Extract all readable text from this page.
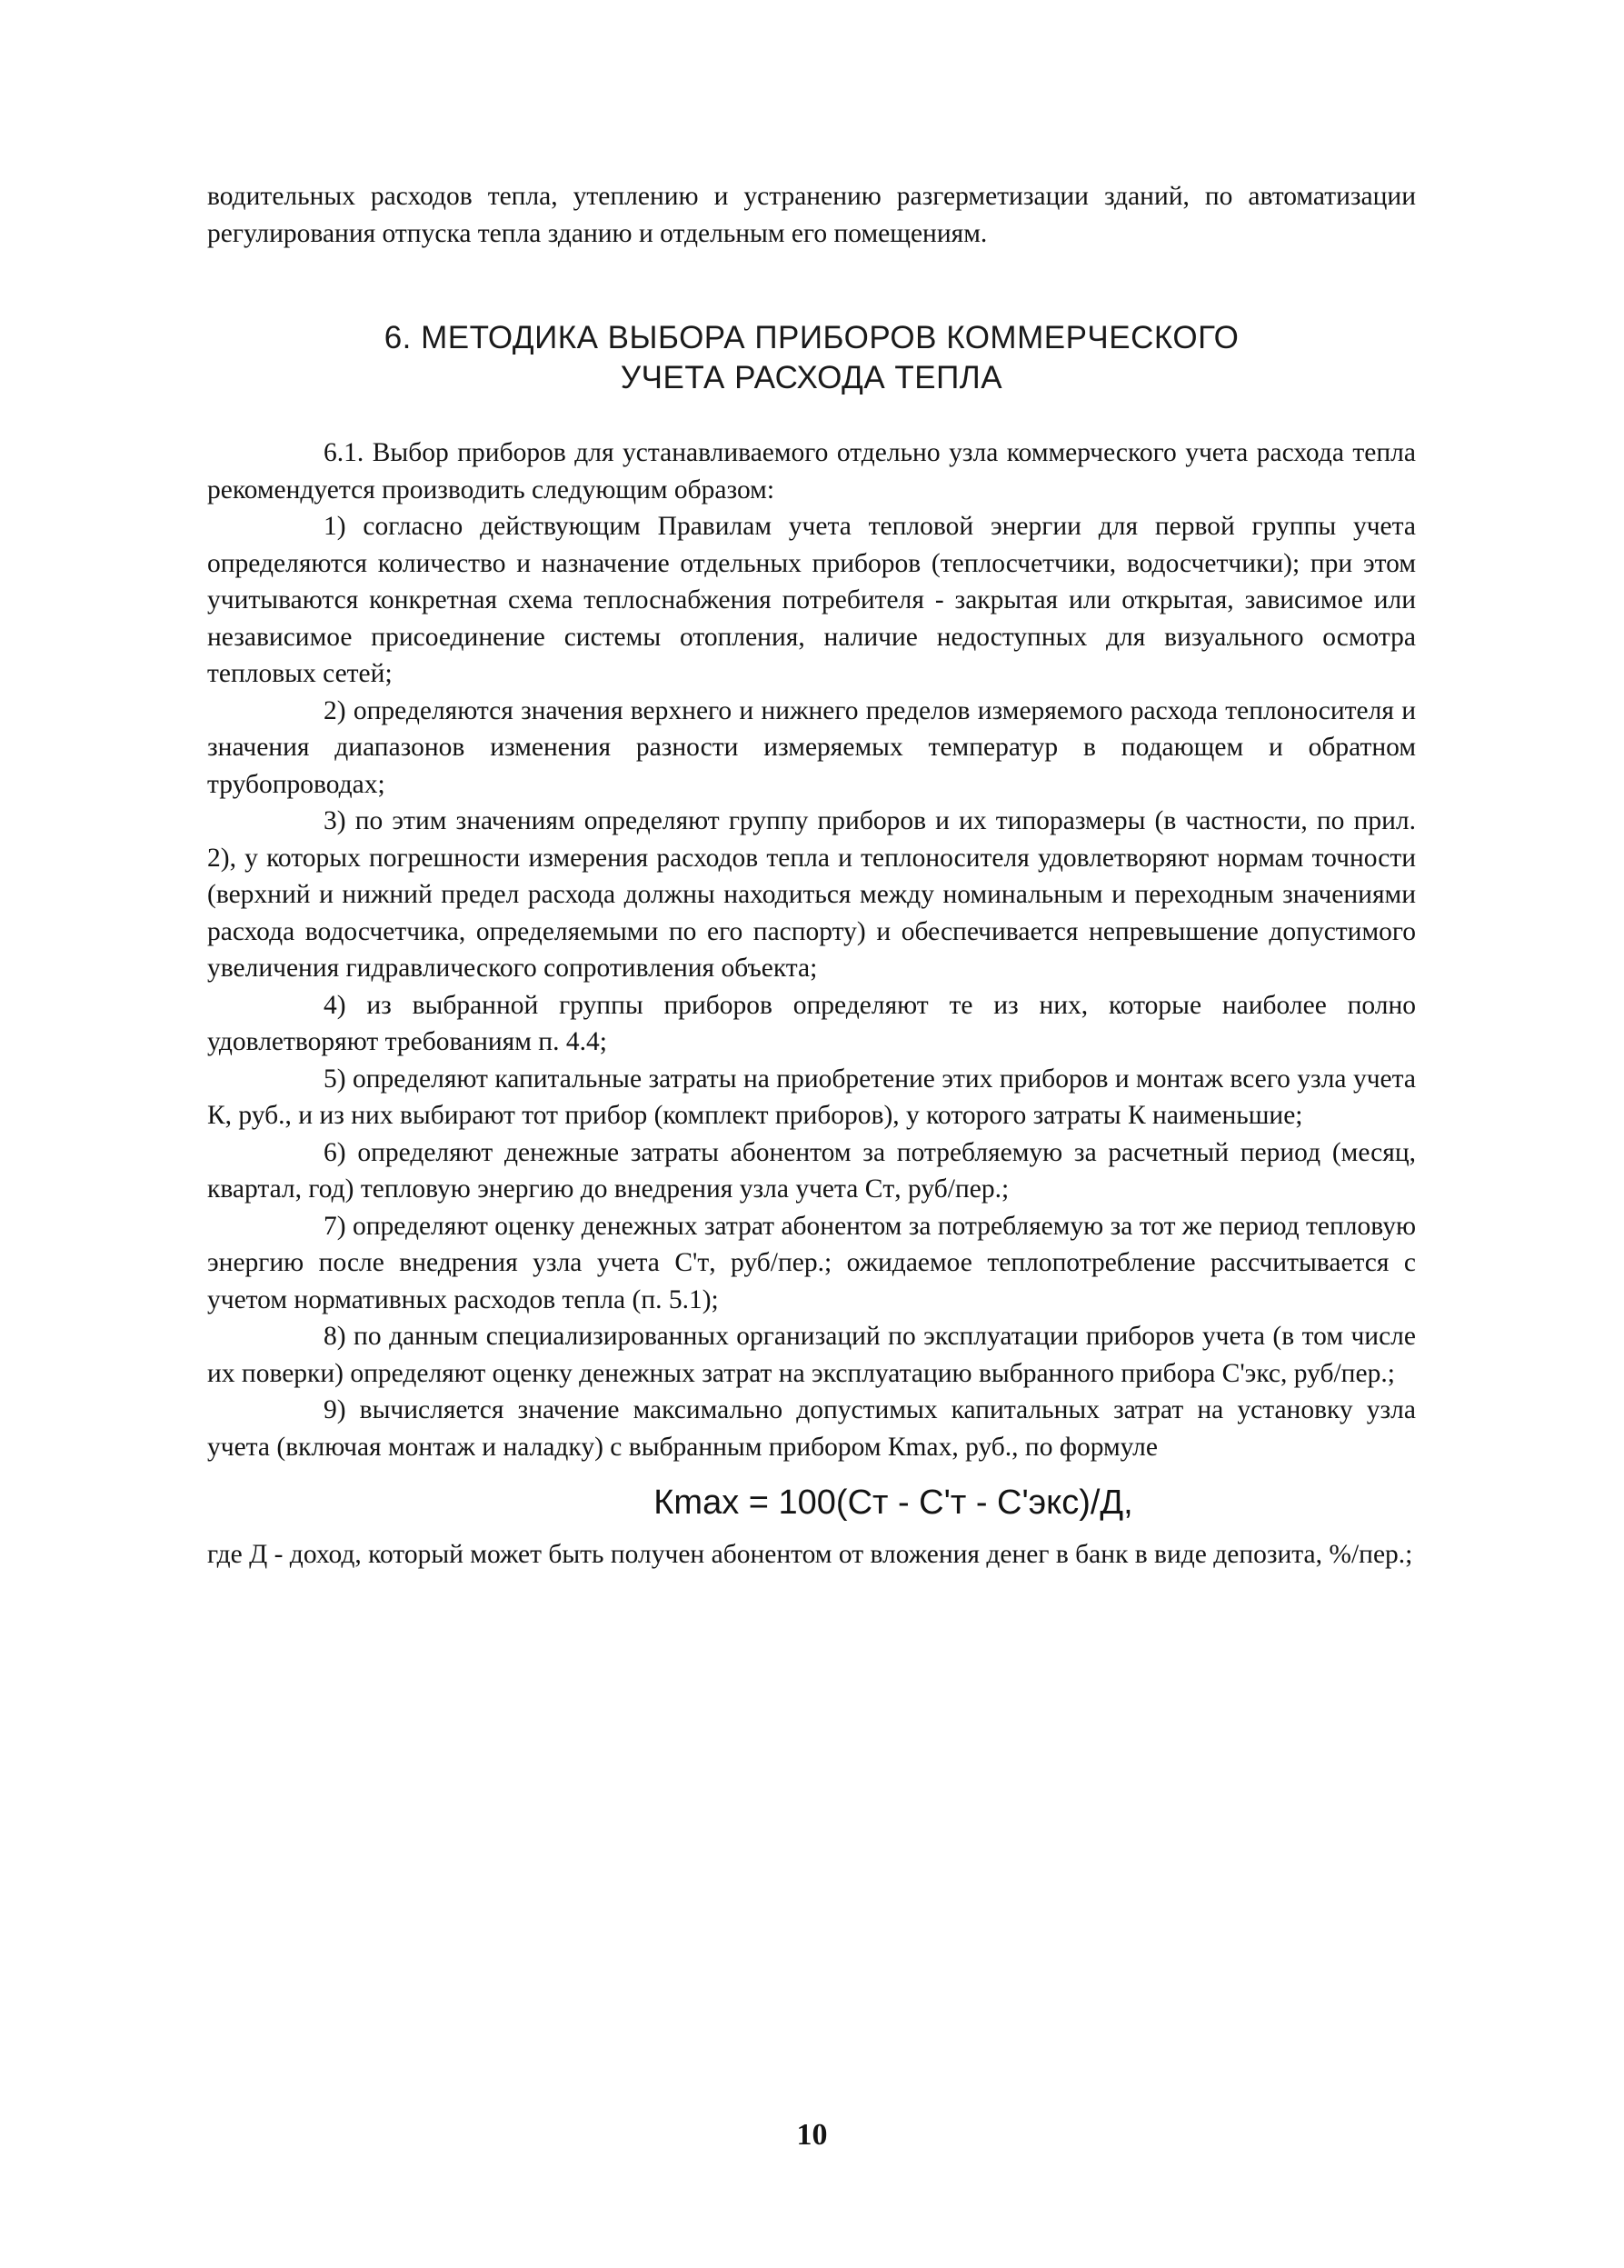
водительных расходов тепла, утеплению и устранению разгерметизации зданий, по автоматизации регулирования отпуска тепла зданию и отдельным его помещениям.

6. МЕТОДИКА ВЫБОРА ПРИБОРОВ КОММЕРЧЕСКОГО
УЧЕТА РАСХОДА ТЕПЛА

6.1. Выбор приборов для устанавливаемого отдельно узла коммерческого учета расхода тепла рекомендуется производить следующим образом:

1) согласно действующим Правилам учета тепловой энергии для первой группы учета определяются количество и назначение отдельных приборов (теплосчетчики, водосчетчики); при этом учитываются конкретная схема теплоснабжения потребителя - закрытая или открытая, зависимое или независимое присоединение системы отопления, наличие недоступных для визуального осмотра тепловых сетей;

2) определяются значения верхнего и нижнего пределов измеряемого расхода теплоносителя и значения диапазонов изменения разности измеряемых температур в подающем и обратном трубопроводах;

3) по этим значениям определяют группу приборов и их типоразмеры (в частности, по прил. 2), у которых погрешности измерения расходов тепла и теплоносителя удовлетворяют нормам точности (верхний и нижний предел расхода должны находиться между номинальным и переходным значениями расхода водосчетчика, определяемыми по его паспорту) и обеспечивается непревышение допустимого увеличения гидравлического сопротивления объекта;

4) из выбранной группы приборов определяют те из них, которые наиболее полно удовлетворяют требованиям п. 4.4;

5) определяют капитальные затраты на приобретение этих приборов и монтаж всего узла учета К, руб., и из них выбирают тот прибор (комплект приборов), у которого затраты К наименьшие;

6) определяют денежные затраты абонентом за потребляемую за расчетный период (месяц, квартал, год) тепловую энергию до внедрения узла учета Сᴛ, руб/пер.;

7) определяют оценку денежных затрат абонентом за потребляемую за тот же период тепловую энергию после внедрения узла учета С'ᴛ, руб/пер.; ожидаемое теплопотребление рассчитывается с учетом нормативных расходов тепла (п. 5.1);

8) по данным специализированных организаций по эксплуатации приборов учета (в том числе их поверки) определяют оценку денежных затрат на эксплуатацию выбранного прибора С'экс, руб/пер.;

9) вычисляется значение максимально допустимых капитальных затрат на установку узла учета (включая монтаж и наладку) с выбранным прибором Кmax, руб., по формуле

Кmax = 100(Cᴛ - C'ᴛ - C'экс)/Д,

где Д - доход, который может быть получен абонентом от вложения денег в банк в виде депозита, %/пер.;

10
